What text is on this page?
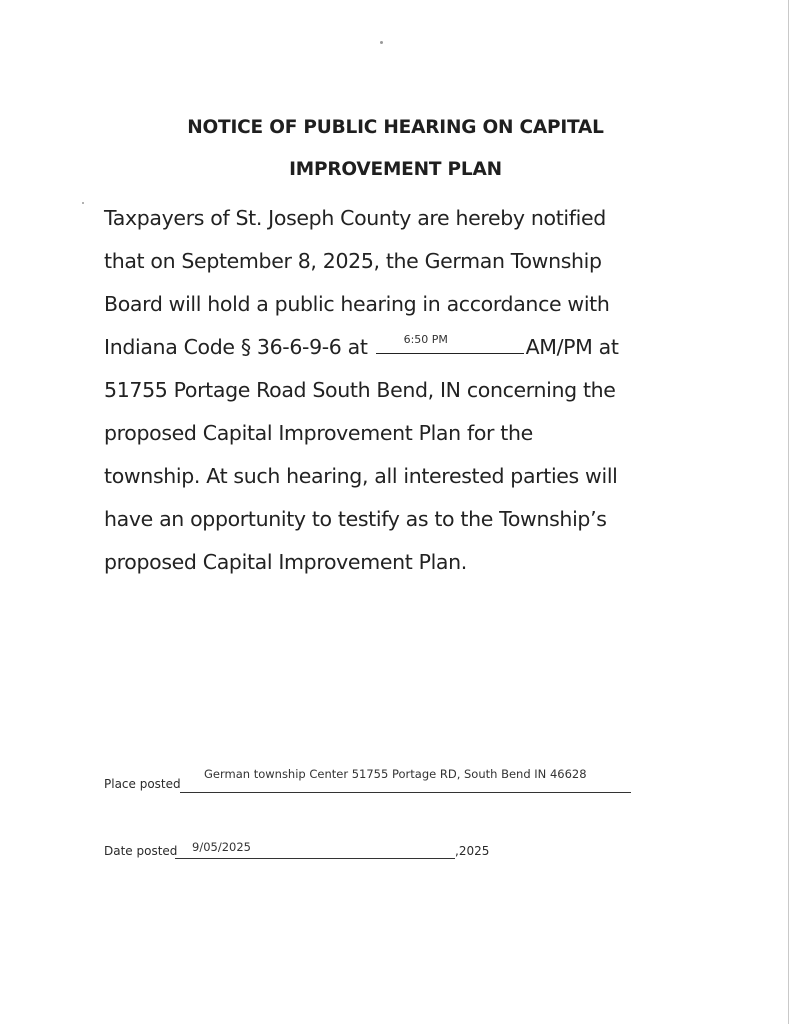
NOTICE OF PUBLIC HEARING ON CAPITAL
IMPROVEMENT PLAN
Taxpayers of St. Joseph County are hereby notified
that on September 8, 2025, the German Township
Board will hold a public hearing in accordance with
Indiana Code § 36-6-9-6 at	6:50 PM	AM/PM at
51755 Portage Road South Bend, IN concerning the
proposed Capital Improvement Plan for the
township. At such hearing, all interested parties will
have an opportunity to testify as to the Township’s
proposed Capital Improvement Plan.
Place posted
German township Center 51755 Portage RD, South Bend IN 46628
Date posted 9/05/2025	,2025
